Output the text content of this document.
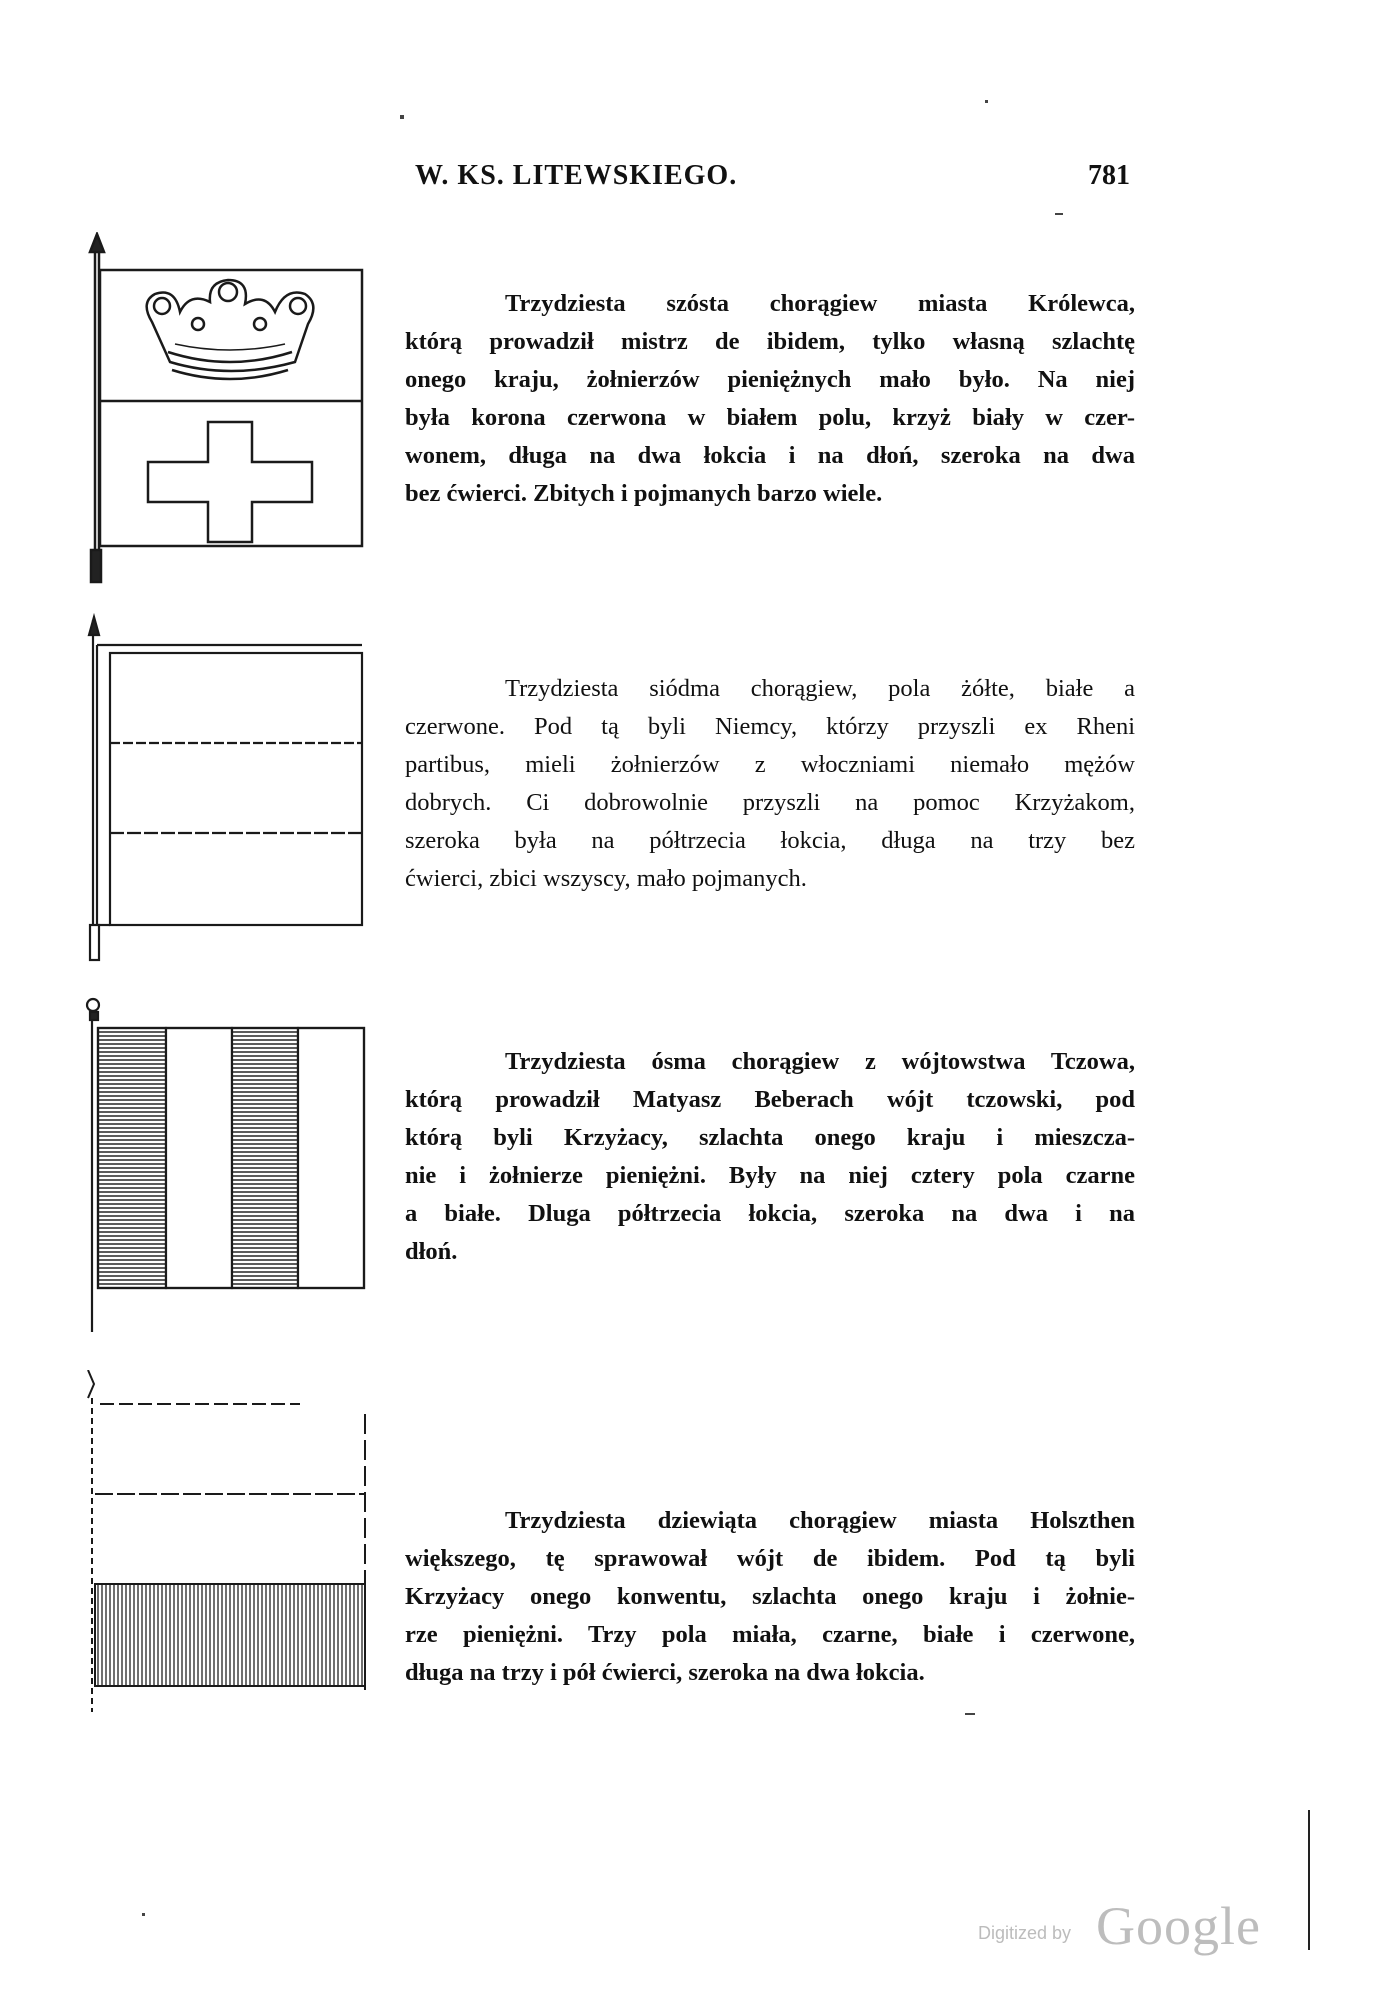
W. KS. LITEWSKIEGO.	781
Trzydziesta szósta chorągiew miasta Królewca,
którą prowadził mistrz de ibidem, tylko własną szlachtę
onego kraju, żołnierzów pieniężnych mało było. Na niej
była korona czerwona w białem polu, krzyż biały w czer-
wonem, długa na dwa łokcia i na dłoń, szeroka na dwa
bez ćwierci. Zbitych i pojmanych barzo wiele.
Trzydziesta siódma chorągiew, pola żółte, białe a
czerwone. Pod tą byli Niemcy, którzy przyszli ex Rheni
partibus, mieli żołnierzów z włoczniami niemało mężów
dobrych. Ci dobrowolnie przyszli na pomoc Krzyżakom,
szeroka była na półtrzecia łokcia, długa na trzy bez
ćwierci, zbici wszyscy, mało pojmanych.
Trzydziesta ósma chorągiew z wójtowstwa Tczowa,
którą prowadził Matyasz Beberach wójt tczowski, pod
którą byli Krzyżacy, szlachta onego kraju i mieszcza-
nie i żołnierze pieniężni. Były na niej cztery pola czarne
a białe. Dluga półtrzecia łokcia, szeroka na dwa i na
dłoń.
Trzydziesta dziewiąta chorągiew miasta Holszthen
większego, tę sprawował wójt de ibidem. Pod tą byli
Krzyżacy onego konwentu, szlachta onego kraju i żołnie-
rze pieniężni. Trzy pola miała, czarne, białe i czerwone,
długa na trzy i pół ćwierci, szeroka na dwa łokcia.
Digitized by Google
